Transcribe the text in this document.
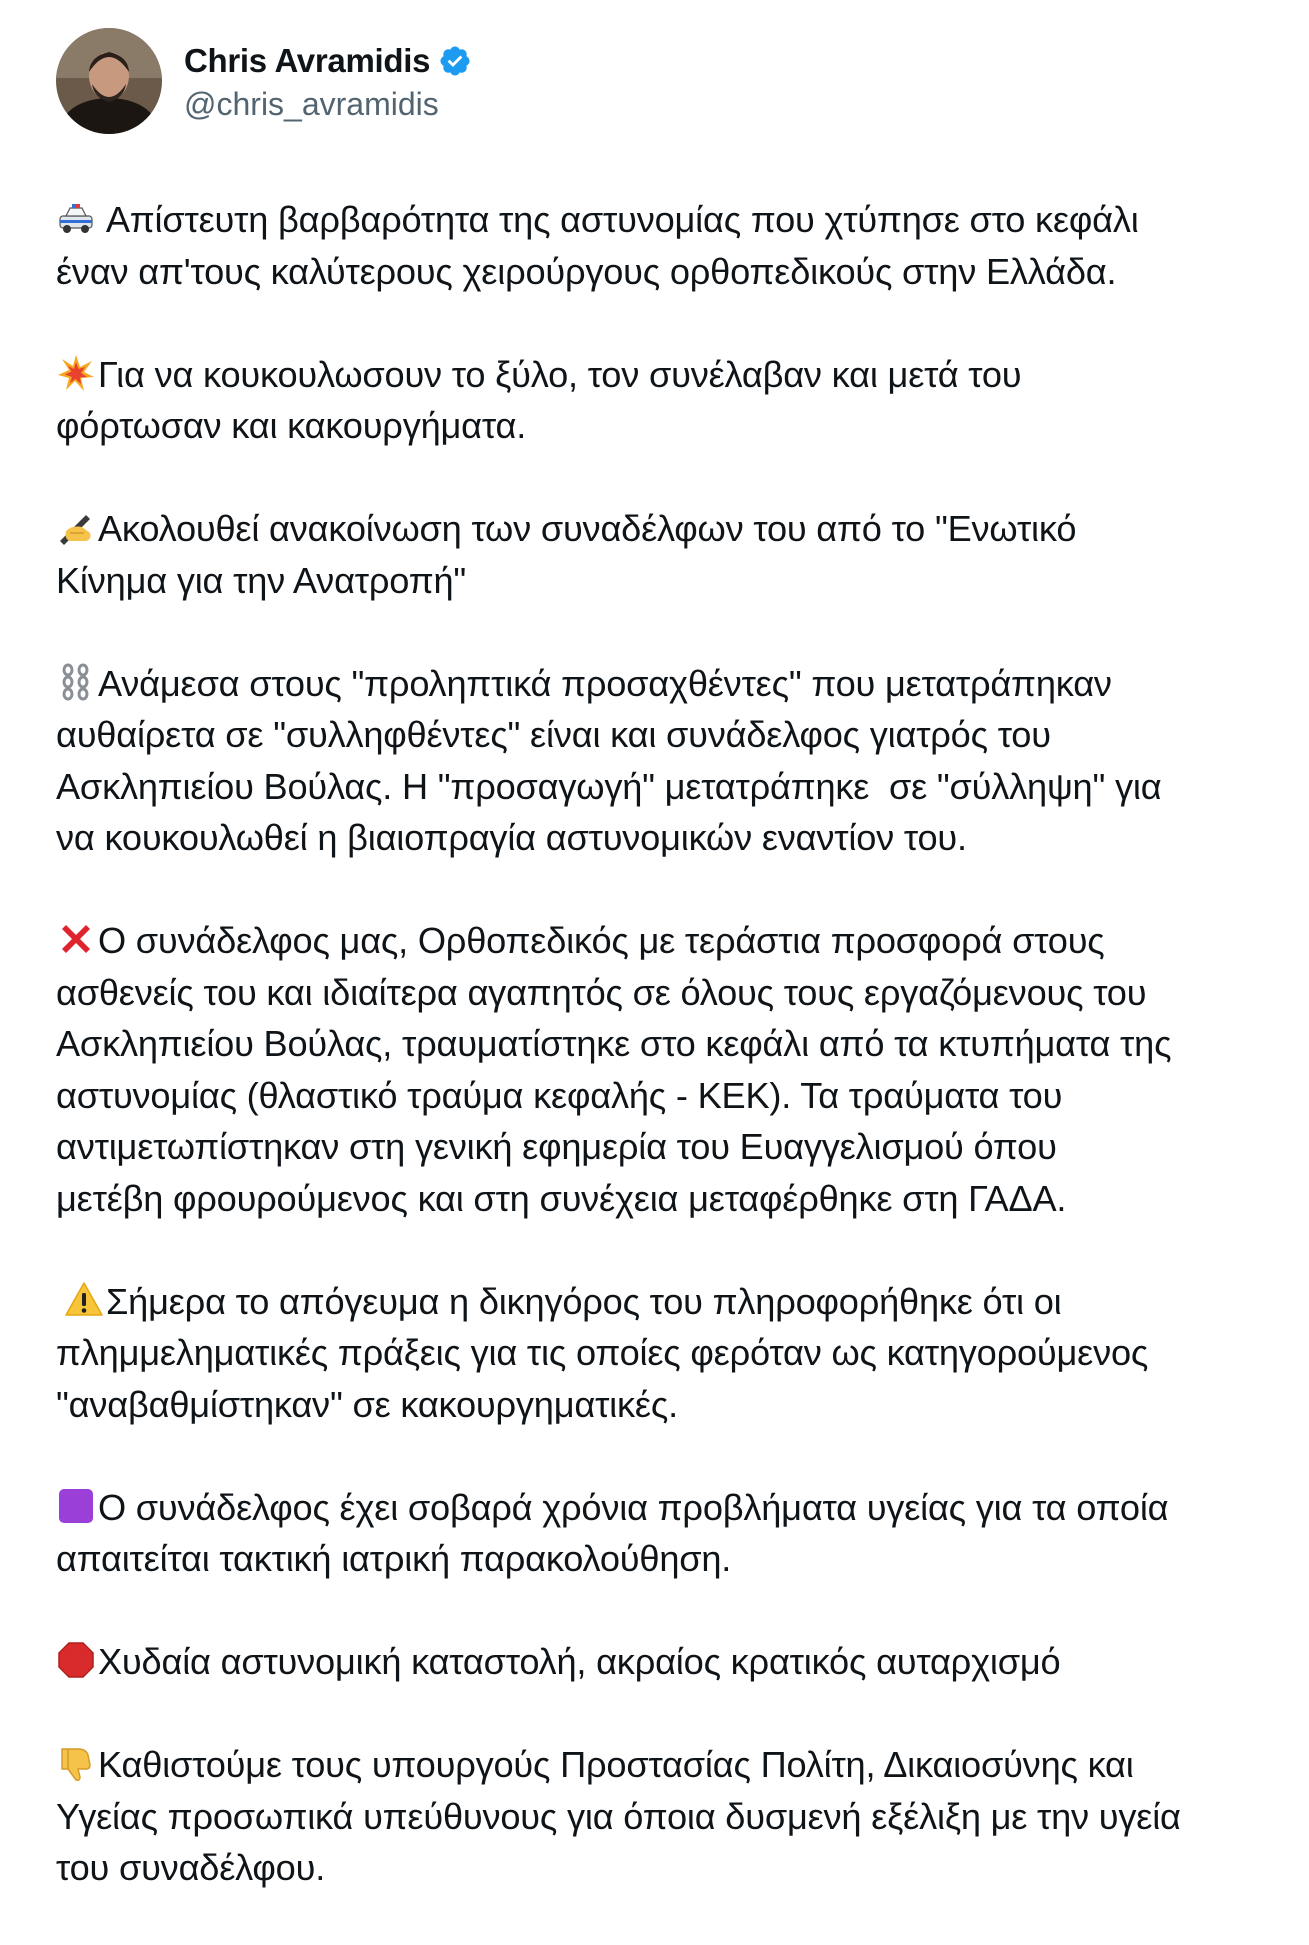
Chris Avramidis
@chris_avramidis

Απίστευτη βαρβαρότητα της αστυνομίας που χτύπησε στο κεφάλι
έναν απ'τους καλύτερους χειρούργους ορθοπεδικούς στην Ελλάδα.

Για να κουκουλωσουν το ξύλο, τον συνέλαβαν και μετά του
φόρτωσαν και κακουργήματα.

Ακολουθεί ανακοίνωση των συναδέλφων του από το "Ενωτικό
Κίνημα για την Ανατροπή"

Ανάμεσα στους "προληπτικά προσαχθέντες" που μετατράπηκαν
αυθαίρετα σε "συλληφθέντες" είναι και συνάδελφος γιατρός του
Ασκληπιείου Βούλας. Η "προσαγωγή" μετατράπηκε  σε "σύλληψη" για
να κουκουλωθεί η βιαιοπραγία αστυνομικών εναντίον του.

Ο συνάδελφος μας, Ορθοπεδικός με τεράστια προσφορά στους
ασθενείς του και ιδιαίτερα αγαπητός σε όλους τους εργαζόμενους του
Ασκληπιείου Βούλας, τραυματίστηκε στο κεφάλι από τα κτυπήματα της
αστυνομίας (θλαστικό τραύμα κεφαλής - ΚΕΚ). Τα τραύματα του
αντιμετωπίστηκαν στη γενική εφημερία του Ευαγγελισμού όπου
μετέβη φρουρούμενος και στη συνέχεια μεταφέρθηκε στη ΓΑΔΑ.

Σήμερα το απόγευμα η δικηγόρος του πληροφορήθηκε ότι οι
πλημμεληματικές πράξεις για τις οποίες φερόταν ως κατηγορούμενος
"αναβαθμίστηκαν" σε κακουργηματικές.

Ο συνάδελφος έχει σοβαρά χρόνια προβλήματα υγείας για τα οποία
απαιτείται τακτική ιατρική παρακολούθηση.

Χυδαία αστυνομική καταστολή, ακραίος κρατικός αυταρχισμό

Καθιστούμε τους υπουργούς Προστασίας Πολίτη, Δικαιοσύνης και
Υγείας προσωπικά υπεύθυνους για όποια δυσμενή εξέλιξη με την υγεία
του συναδέλφου.
